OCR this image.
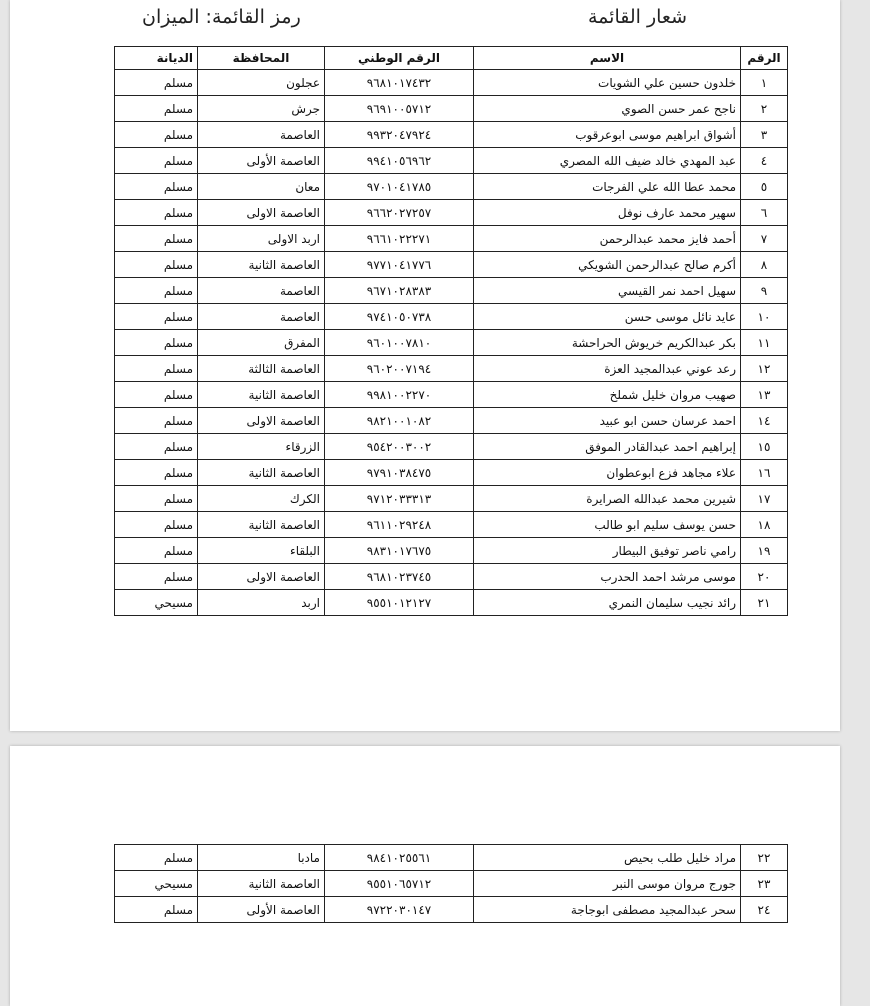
رمز القائمة: الميزان	شعار القائمة
الرقم	الاسم	الرقم الوطني	المحافظة	الديانة
١	خلدون حسين علي الشويات	٩٦٨١٠١٧٤٣٢	عجلون	مسلم
٢	ناجح عمر حسن الصوي	٩٦٩١٠٠٥٧١٢	جرش	مسلم
٣	أشواق ابراهيم موسى ابوعرقوب	٩٩٣٢٠٤٧٩٢٤	العاصمة	مسلم
٤	عبد المهدي خالد ضيف الله المصري	٩٩٤١٠٥٦٩٦٢	العاصمة الأولى	مسلم
٥	محمد عطا الله علي الفرجات	٩٧٠١٠٤١٧٨٥	معان	مسلم
٦	سهير محمد عارف نوفل	٩٦٦٢٠٢٧٢٥٧	العاصمة الاولى	مسلم
٧	أحمد فايز محمد عبدالرحمن	٩٦٦١٠٢٢٢٧١	اربد الاولى	مسلم
٨	أكرم صالح عبدالرحمن الشويكي	٩٧٧١٠٤١٧٧٦	العاصمة الثانية	مسلم
٩	سهيل احمد نمر القيسي	٩٦٧١٠٢٨٣٨٣	العاصمة	مسلم
١٠	عايد نائل موسى حسن	٩٧٤١٠٥٠٧٣٨	العاصمة	مسلم
١١	بكر عبدالكريم خريوش الحراحشة	٩٦٠١٠٠٧٨١٠	المفرق	مسلم
١٢	رعد عوني عبدالمجيد العزة	٩٦٠٢٠٠٧١٩٤	العاصمة الثالثة	مسلم
١٣	صهيب مروان خليل شملخ	٩٩٨١٠٠٢٢٧٠	العاصمة الثانية	مسلم
١٤	احمد عرسان حسن ابو عبيد	٩٨٢١٠٠١٠٨٢	العاصمة الاولى	مسلم
١٥	إبراهيم احمد عبدالقادر الموفق	٩٥٤٢٠٠٣٠٠٢	الزرقاء	مسلم
١٦	علاء مجاهد فزع ابوعطوان	٩٧٩١٠٣٨٤٧٥	العاصمة الثانية	مسلم
١٧	شيرين محمد عبدالله الصرايرة	٩٧١٢٠٣٣٣١٣	الكرك	مسلم
١٨	حسن يوسف سليم ابو طالب	٩٦١١٠٢٩٢٤٨	العاصمة الثانية	مسلم
١٩	رامي ناصر توفيق البيطار	٩٨٣١٠١٧٦٧٥	البلقاء	مسلم
٢٠	موسى مرشد احمد الحدرب	٩٦٨١٠٢٣٧٤٥	العاصمة الاولى	مسلم
٢١	رائد نجيب سليمان النمري	٩٥٥١٠١٢١٢٧	اربد	مسيحي
٢٢	مراد خليل طلب بحيص	٩٨٤١٠٢٥٥٦١	مادبا	مسلم
٢٣	جورج مروان موسى النبر	٩٥٥١٠٦٥٧١٢	العاصمة الثانية	مسيحي
٢٤	سحر عبدالمجيد مصطفى ابوجاجة	٩٧٢٢٠٣٠١٤٧	العاصمة الأولى	مسلم
